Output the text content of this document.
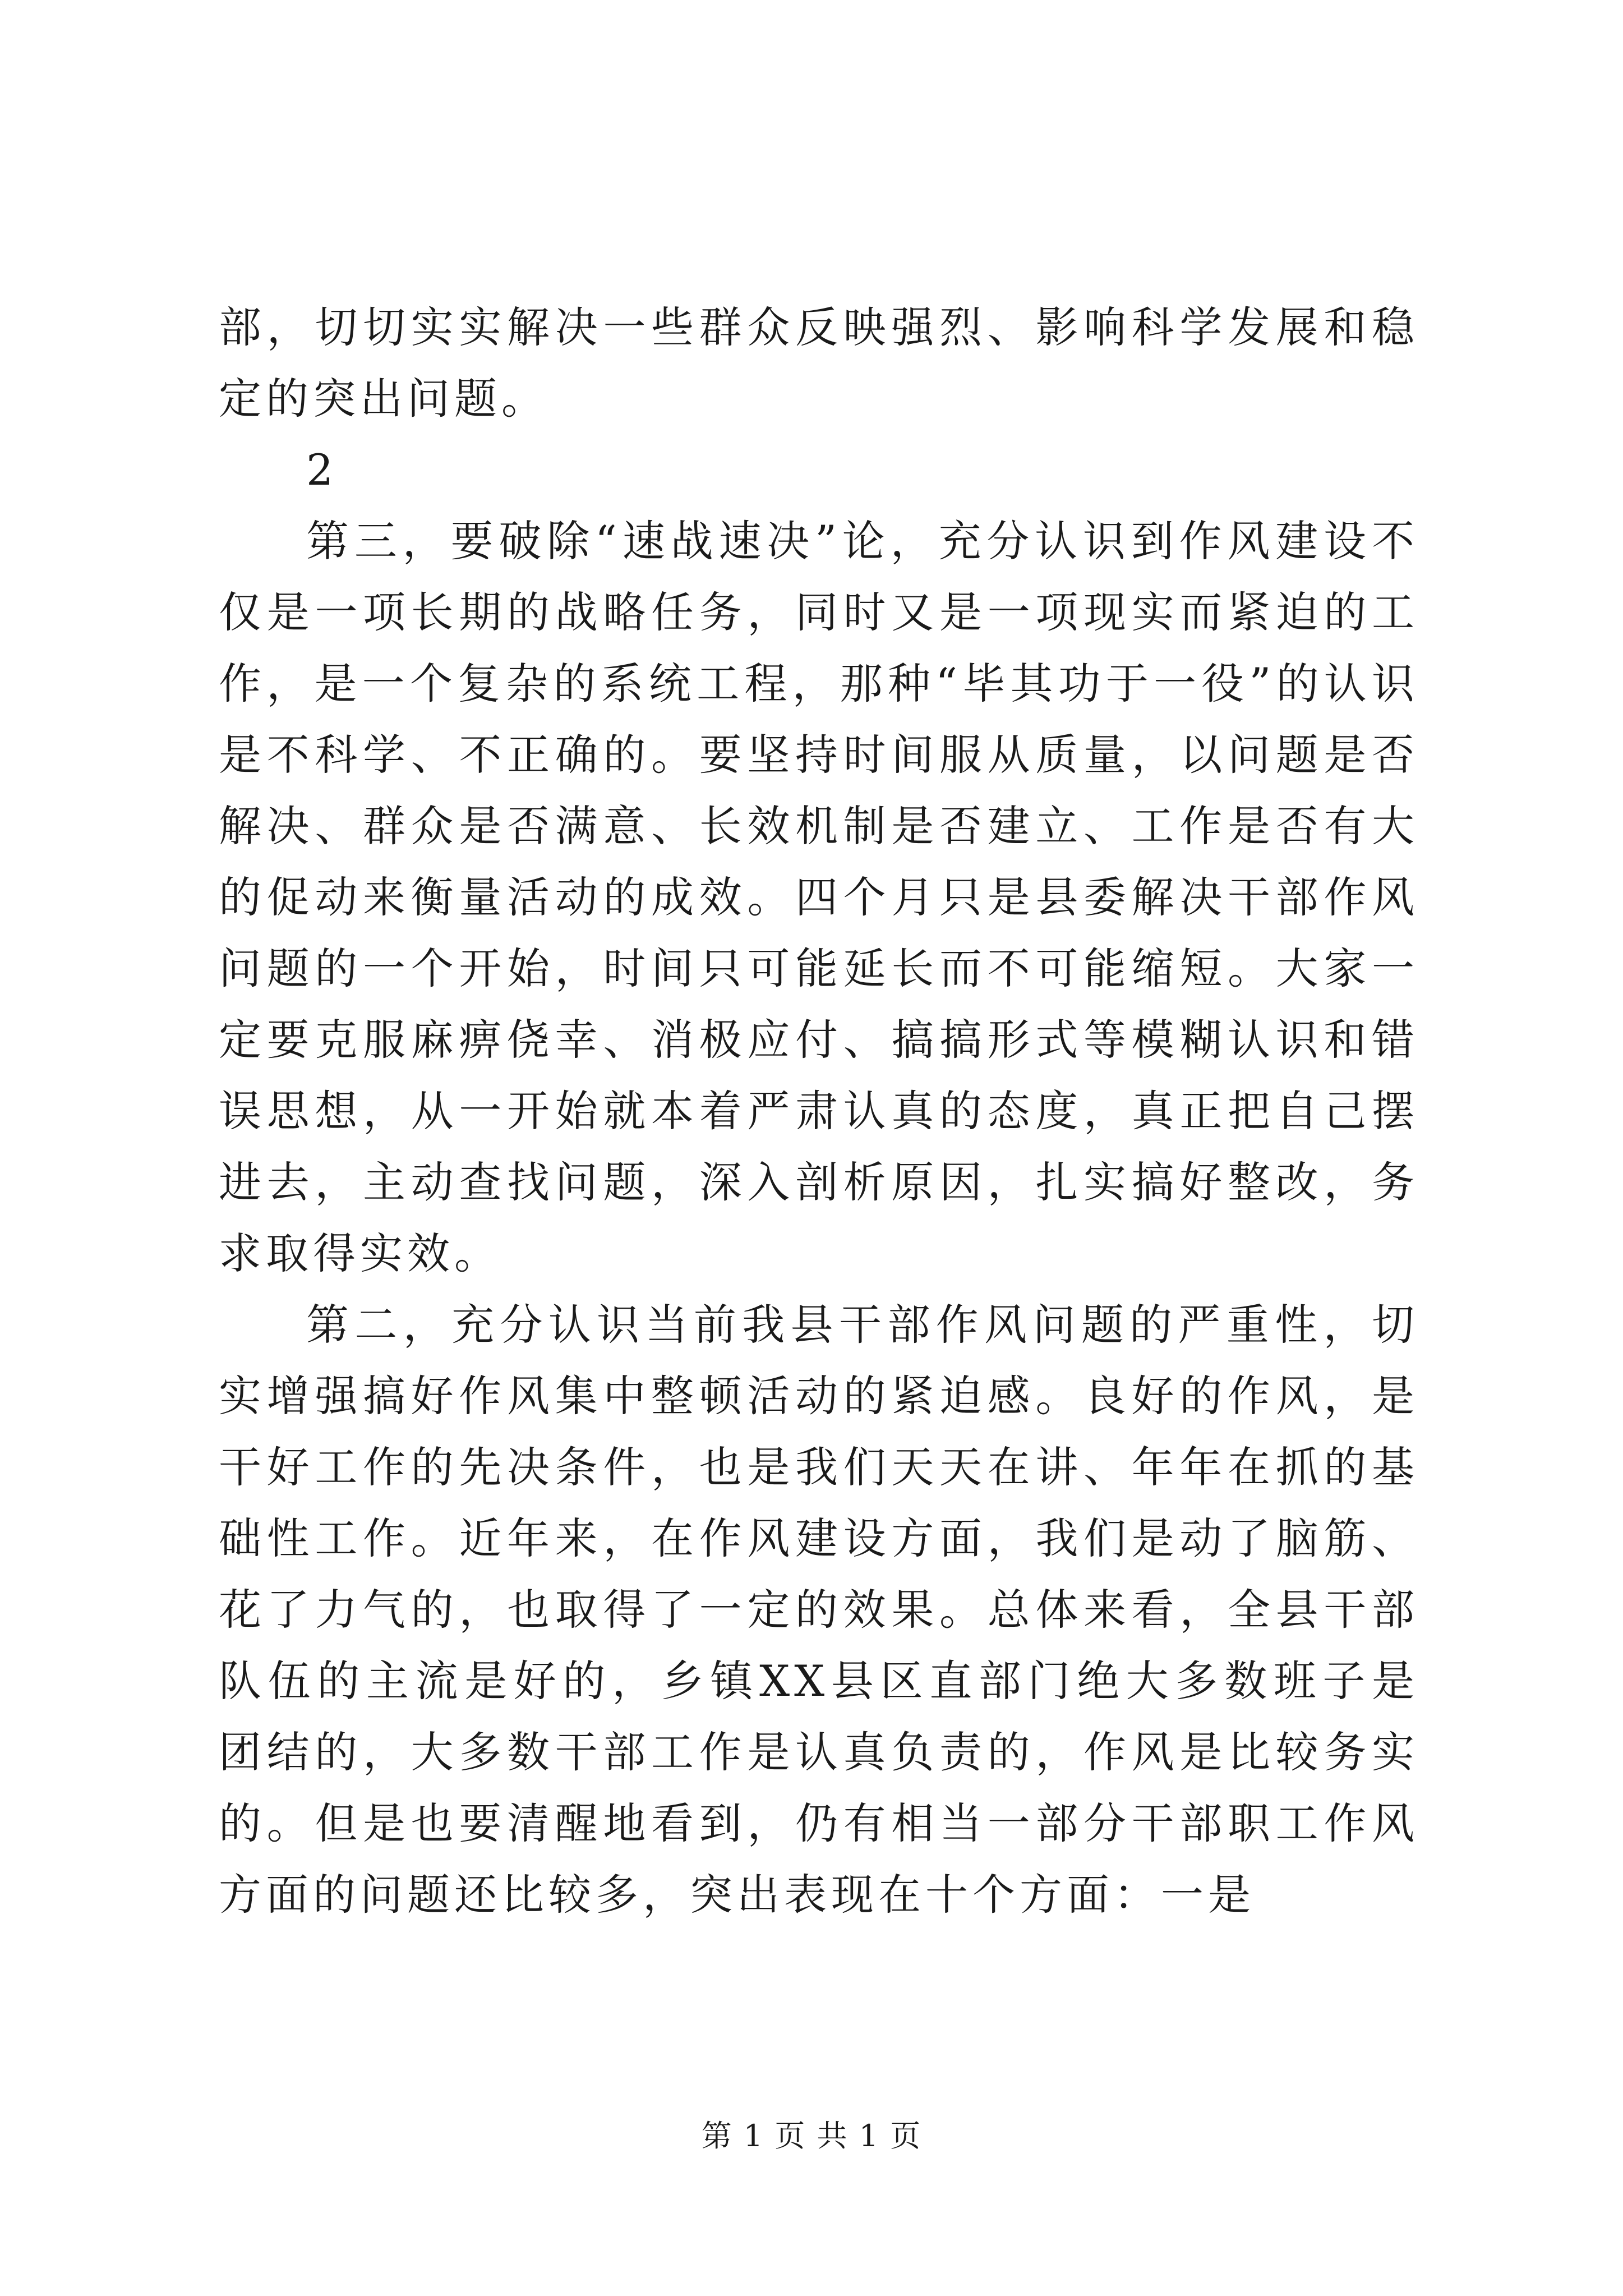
部，切切实实解决一些群众反映强烈、影响科学发展和稳定的突出问题。

2

第三，要破除“速战速决”论，充分认识到作风建设不仅是一项长期的战略任务，同时又是一项现实而紧迫的工作，是一个复杂的系统工程，那种“毕其功于一役”的认识是不科学、不正确的。要坚持时间服从质量，以问题是否解决、群众是否满意、长效机制是否建立、工作是否有大的促动来衡量活动的成效。四个月只是县委解决干部作风问题的一个开始，时间只可能延长而不可能缩短。大家一定要克服麻痹侥幸、消极应付、搞搞形式等模糊认识和错误思想，从一开始就本着严肃认真的态度，真正把自己摆进去，主动查找问题，深入剖析原因，扎实搞好整改，务求取得实效。

第二，充分认识当前我县干部作风问题的严重性，切实增强搞好作风集中整顿活动的紧迫感。良好的作风，是干好工作的先决条件，也是我们天天在讲、年年在抓的基础性工作。近年来，在作风建设方面，我们是动了脑筋、花了力气的，也取得了一定的效果。总体来看，全县干部队伍的主流是好的，乡镇XX县区直部门绝大多数班子是团结的，大多数干部工作是认真负责的，作风是比较务实的。但是也要清醒地看到，仍有相当一部分干部职工作风方面的问题还比较多，突出表现在十个方面：一是

第 1 页 共 1 页
